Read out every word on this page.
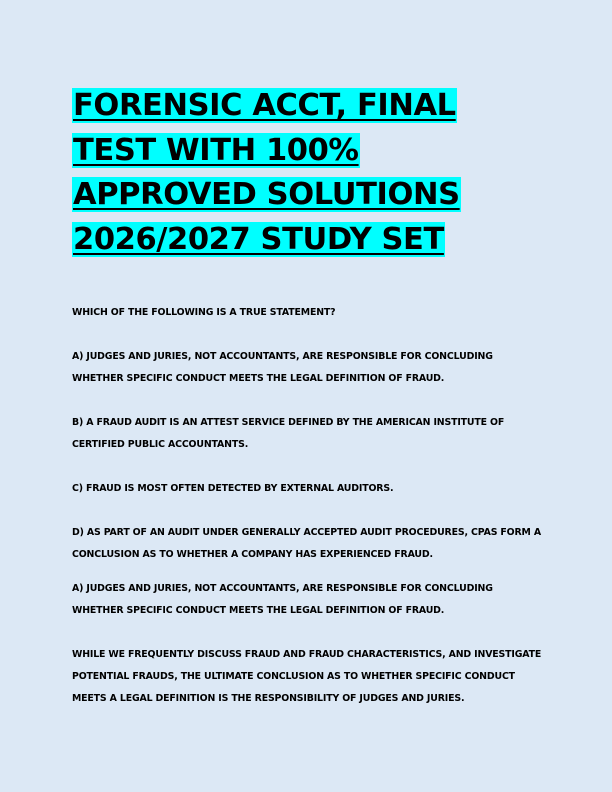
FORENSIC ACCT, FINAL TEST WITH 100% APPROVED SOLUTIONS 2026/2027 STUDY SET

WHICH OF THE FOLLOWING IS A TRUE STATEMENT?

A) JUDGES AND JURIES, NOT ACCOUNTANTS, ARE RESPONSIBLE FOR CONCLUDING WHETHER SPECIFIC CONDUCT MEETS THE LEGAL DEFINITION OF FRAUD.

B) A FRAUD AUDIT IS AN ATTEST SERVICE DEFINED BY THE AMERICAN INSTITUTE OF CERTIFIED PUBLIC ACCOUNTANTS.

C) FRAUD IS MOST OFTEN DETECTED BY EXTERNAL AUDITORS.

D) AS PART OF AN AUDIT UNDER GENERALLY ACCEPTED AUDIT PROCEDURES, CPAS FORM A CONCLUSION AS TO WHETHER A COMPANY HAS EXPERIENCED FRAUD.

A) JUDGES AND JURIES, NOT ACCOUNTANTS, ARE RESPONSIBLE FOR CONCLUDING WHETHER SPECIFIC CONDUCT MEETS THE LEGAL DEFINITION OF FRAUD.

WHILE WE FREQUENTLY DISCUSS FRAUD AND FRAUD CHARACTERISTICS, AND INVESTIGATE POTENTIAL FRAUDS, THE ULTIMATE CONCLUSION AS TO WHETHER SPECIFIC CONDUCT MEETS A LEGAL DEFINITION IS THE RESPONSIBILITY OF JUDGES AND JURIES.
